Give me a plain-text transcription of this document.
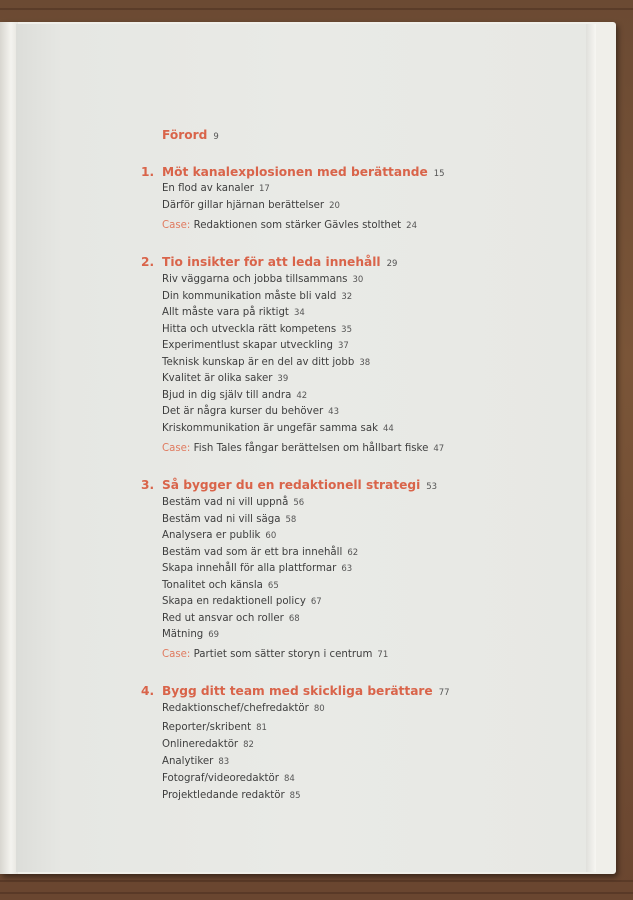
Förord 9
1. Möt kanalexplosionen med berättande 15
En flod av kanaler 17
Därför gillar hjärnan berättelser 20
Case: Redaktionen som stärker Gävles stolthet 24
2. Tio insikter för att leda innehåll 29
Riv väggarna och jobba tillsammans 30
Din kommunikation måste bli vald 32
Allt måste vara på riktigt 34
Hitta och utveckla rätt kompetens 35
Experimentlust skapar utveckling 37
Teknisk kunskap är en del av ditt jobb 38
Kvalitet är olika saker 39
Bjud in dig själv till andra 42
Det är några kurser du behöver 43
Kriskommunikation är ungefär samma sak 44
Case: Fish Tales fångar berättelsen om hållbart fiske 47
3. Så bygger du en redaktionell strategi 53
Bestäm vad ni vill uppnå 56
Bestäm vad ni vill säga 58
Analysera er publik 60
Bestäm vad som är ett bra innehåll 62
Skapa innehåll för alla plattformar 63
Tonalitet och känsla 65
Skapa en redaktionell policy 67
Red ut ansvar och roller 68
Mätning 69
Case: Partiet som sätter storyn i centrum 71
4. Bygg ditt team med skickliga berättare 77
Redaktionschef/chefredaktör 80
Reporter/skribent 81
Onlineredaktör 82
Analytiker 83
Fotograf/videoredaktör 84
Projektledande redaktör 85
